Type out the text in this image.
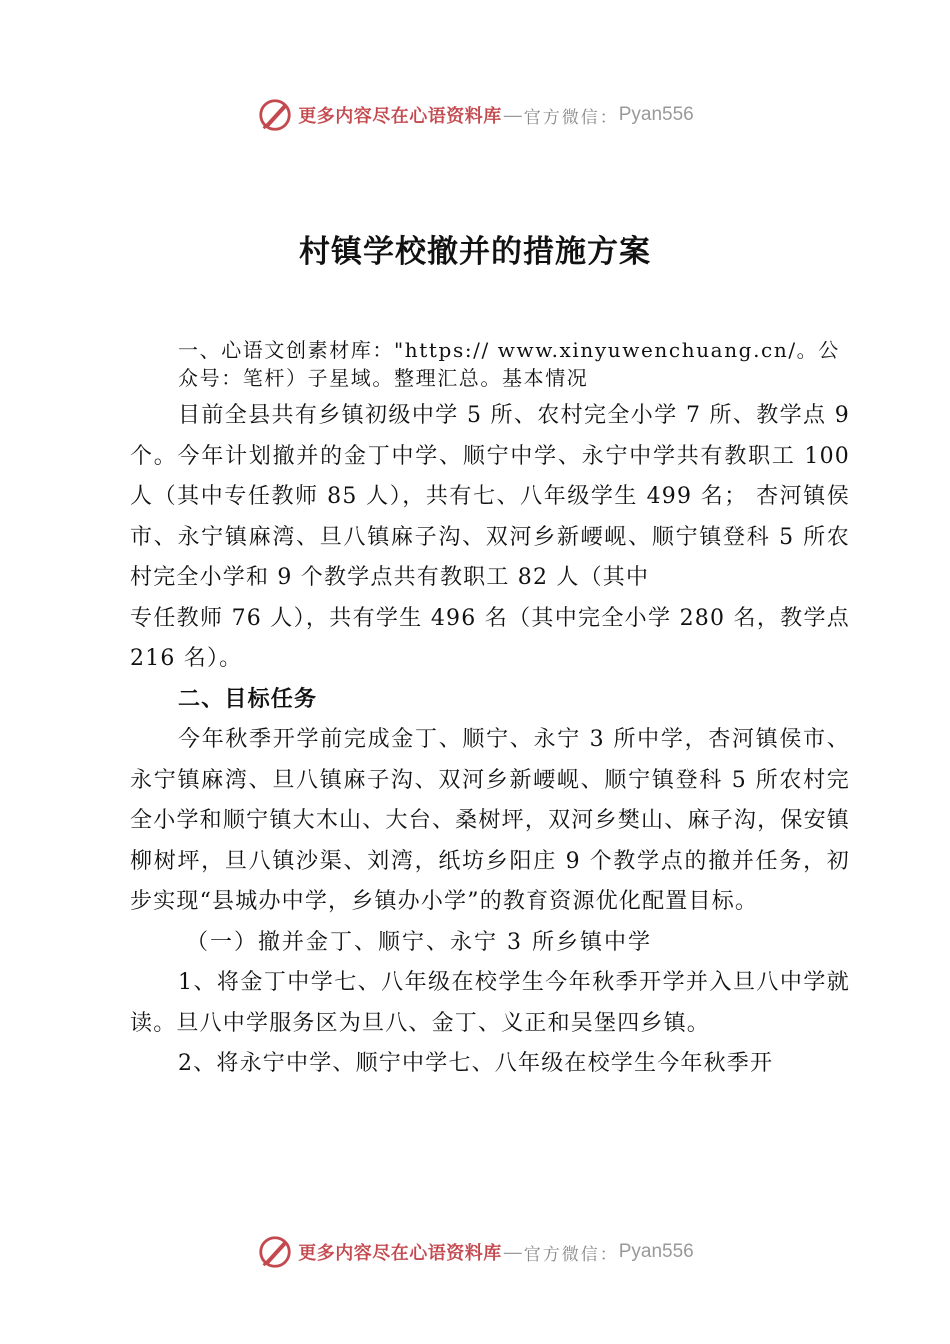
更多内容尽在心语资料库 — 官方微信： Pyan556
村镇学校撤并的措施方案

一、心语文创素材库："https:// www.xinyuwenchuang.cn/。公众号：笔杆）子星域。整理汇总。基本情况

目前全县共有乡镇初级中学 5 所、农村完全小学 7 所、教学点 9 个。今年计划撤并的金丁中学、顺宁中学、永宁中学共有教职工 100 人（其中专任教师 85 人），共有七、八年级学生 499 名； 杏河镇侯市、永宁镇麻湾、旦八镇麻子沟、双河乡新崾岘、顺宁镇登科 5 所农村完全小学和 9 个教学点共有教职工 82 人（其中

专任教师 76 人），共有学生 496 名（其中完全小学 280 名，教学点 216 名）。

二、目标任务

今年秋季开学前完成金丁、顺宁、永宁 3 所中学，杏河镇侯市、永宁镇麻湾、旦八镇麻子沟、双河乡新崾岘、顺宁镇登科 5 所农村完全小学和顺宁镇大木山、大台、桑树坪，双河乡樊山、麻子沟，保安镇柳树坪，旦八镇沙渠、刘湾，纸坊乡阳庄 9 个教学点的撤并任务，初步实现“县城办中学，乡镇办小学”的教育资源优化配置目标。

（一）撤并金丁、顺宁、永宁 3 所乡镇中学

1、将金丁中学七、八年级在校学生今年秋季开学并入旦八中学就读。旦八中学服务区为旦八、金丁、义正和吴堡四乡镇。

2、将永宁中学、顺宁中学七、八年级在校学生今年秋季开

更多内容尽在心语资料库 — 官方微信： Pyan556
